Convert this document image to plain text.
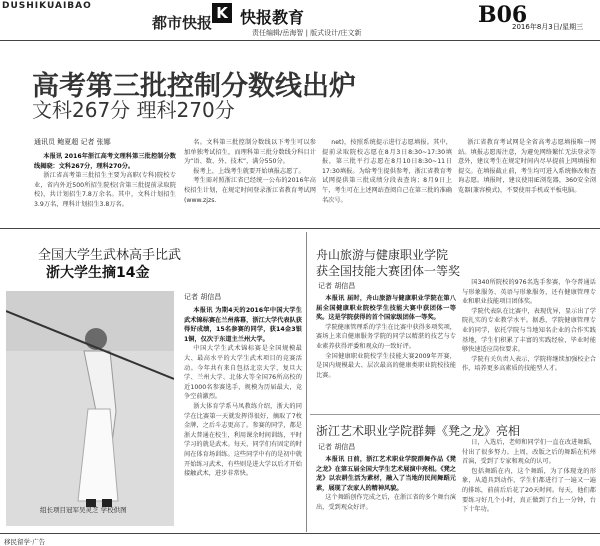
DUSHIKUAIBAO
都市快报
K 快报教育	B06
2016年8月3日/星期三
责任编辑/岳海智 | 版式设计/庄文新
高考第三批控制分数线出炉
文科267分 理科270分
通讯员 鲍夏超 记者 张娜

本报讯 2016年浙江高考文理科第三批控制分数线揭晓：文科267分，理科270分。

浙江省高考第三批招生主要为高职(专科)院校专业，省内外近500所招生院校(含第三批提前录取院校)，共计划招生7.8万余名。其中，文科计划招生3.9万名，理科计划招生3.8万名。

名。文科第三批控制分数线以下考生可以参加单独考试招生，而理科第三批分数线分科目计为“语、数、外、技术”，满分550分。

报考上，上线考生就要开始填报志愿了。

考生需对照浙江省已经统一公布的2016年高校招生计划，在规定时间登录浙江省教育考试网(www.zjzs.

net)，按照系统提示进行志愿填报。其中，提前录取院校志愿在8月3日8:30~17:30填报，第三批平行志愿在8月10日8:30~11日17:30填报。为给考生提供参考，浙江省教育考试网提供第三批成绩分段表查询；8月9日上午，考生可在上述网站查阅自己在第三批的准确名次号。

浙江省教育考试网是全省高考志愿填报唯一网站。填报志愿需注意，为避免网络繁忙无法登录等意外，建议考生在规定时间内尽早提前上网填报和提交。在填报截止前，考生均可进入系统修改和查询志愿。填报时，建议使用IE浏览器，360安全浏览器(兼容模式)，不要使用手机或平板电脑。

全国大学生武林高手比武
浙大学生摘14金
组长项目冠军吴灵芝 学校供图
记者 胡信昌

本报讯 为期4天的2016年中国大学生武术锦标赛在兰州落幕，浙江大学代表队获得好成绩，15名参赛的同学，获14金3银1铜，仅次于东道主兰州大学。

中国大学生武术锦标赛是全国规模最大、最高水平的大学生武术项目的竞赛活动。今年共有来自包括北京大学、复旦大学、兰州大学、北体大等全国76所高校的近1000名参赛选手，规模为历届最大，竞争空前激烈。

浙大体育学系马凤教练介绍，浙大的同学在比赛第一天就发挥得很好，摘取了7枚金牌，之后斗志更高了。参赛的同学，都是浙大普通在校生，利用课余时间训练，平时学习的就是武术。每天，同学们有固定的时间在体育场训练。这些同学中有的是初中就开始练习武术，有些则是进大学以后才开始接触武术，进步非常快。

舟山旅游与健康职业学院
获全国技能大赛团体一等奖
记者 胡信昌

本报讯 届时，舟山旅游与健康职业学院在第八届全国健康职业院校学生技能大赛中获团体一等奖。这是学院获得的首个国家级团体一等奖。

学院健康管理系的学生在比赛中获得多项奖项，赛场上来自健康服务学院的同学以精湛的技艺与专业素养获得评委和观众的一致好评。

全国健康职业院校学生技能大赛2009年开赛，是国内规模最大、层次最高的健康类职业院校技能比赛。

国340所院校的976名选手参赛，争夺普通话与形象服务、英语与形象服务，还有健康管理专业和职业技能项目团体奖。

学院代表队在比赛中，表现优异，显示出了学院扎实的专业教学水平。据悉，学院健康管理专业的同学，依托学院与当地知名企业的合作实践基地，学生们积累了丰富的实践经验，毕业时能够快速适应岗位要求。

学院有关负责人表示，学院将继续加强校企合作，培养更多高素质的技能型人才。

浙江艺术职业学院群舞《凳之龙》亮相
记者 胡信昌

本报讯 日前，浙江艺术职业学院群舞作品《凳之龙》在第五届全国大学生艺术展演中亮相。《凳之龙》以农耕生活为素材，融入了当地的民间舞蹈元素，展现了农家人的精神风貌。

这个舞蹈创作完成之后，在浙江省的多个舞台演出，受到观众好评。

日，入选后，老师和同学们一直在改进舞蹈，付出了很多努力。上周，改版之后的舞蹈在杭州首演，受到了专家和观众的认可。

包括舞蹈在内，这个舞蹈，为了体现龙的形象，从道具到动作，学生们都进行了一遍又一遍的排练，前前后后花了20天时间。每天，他们都要练习好几个小时，真正做到了台上一分钟，台下十年功。

移民留学·广告
